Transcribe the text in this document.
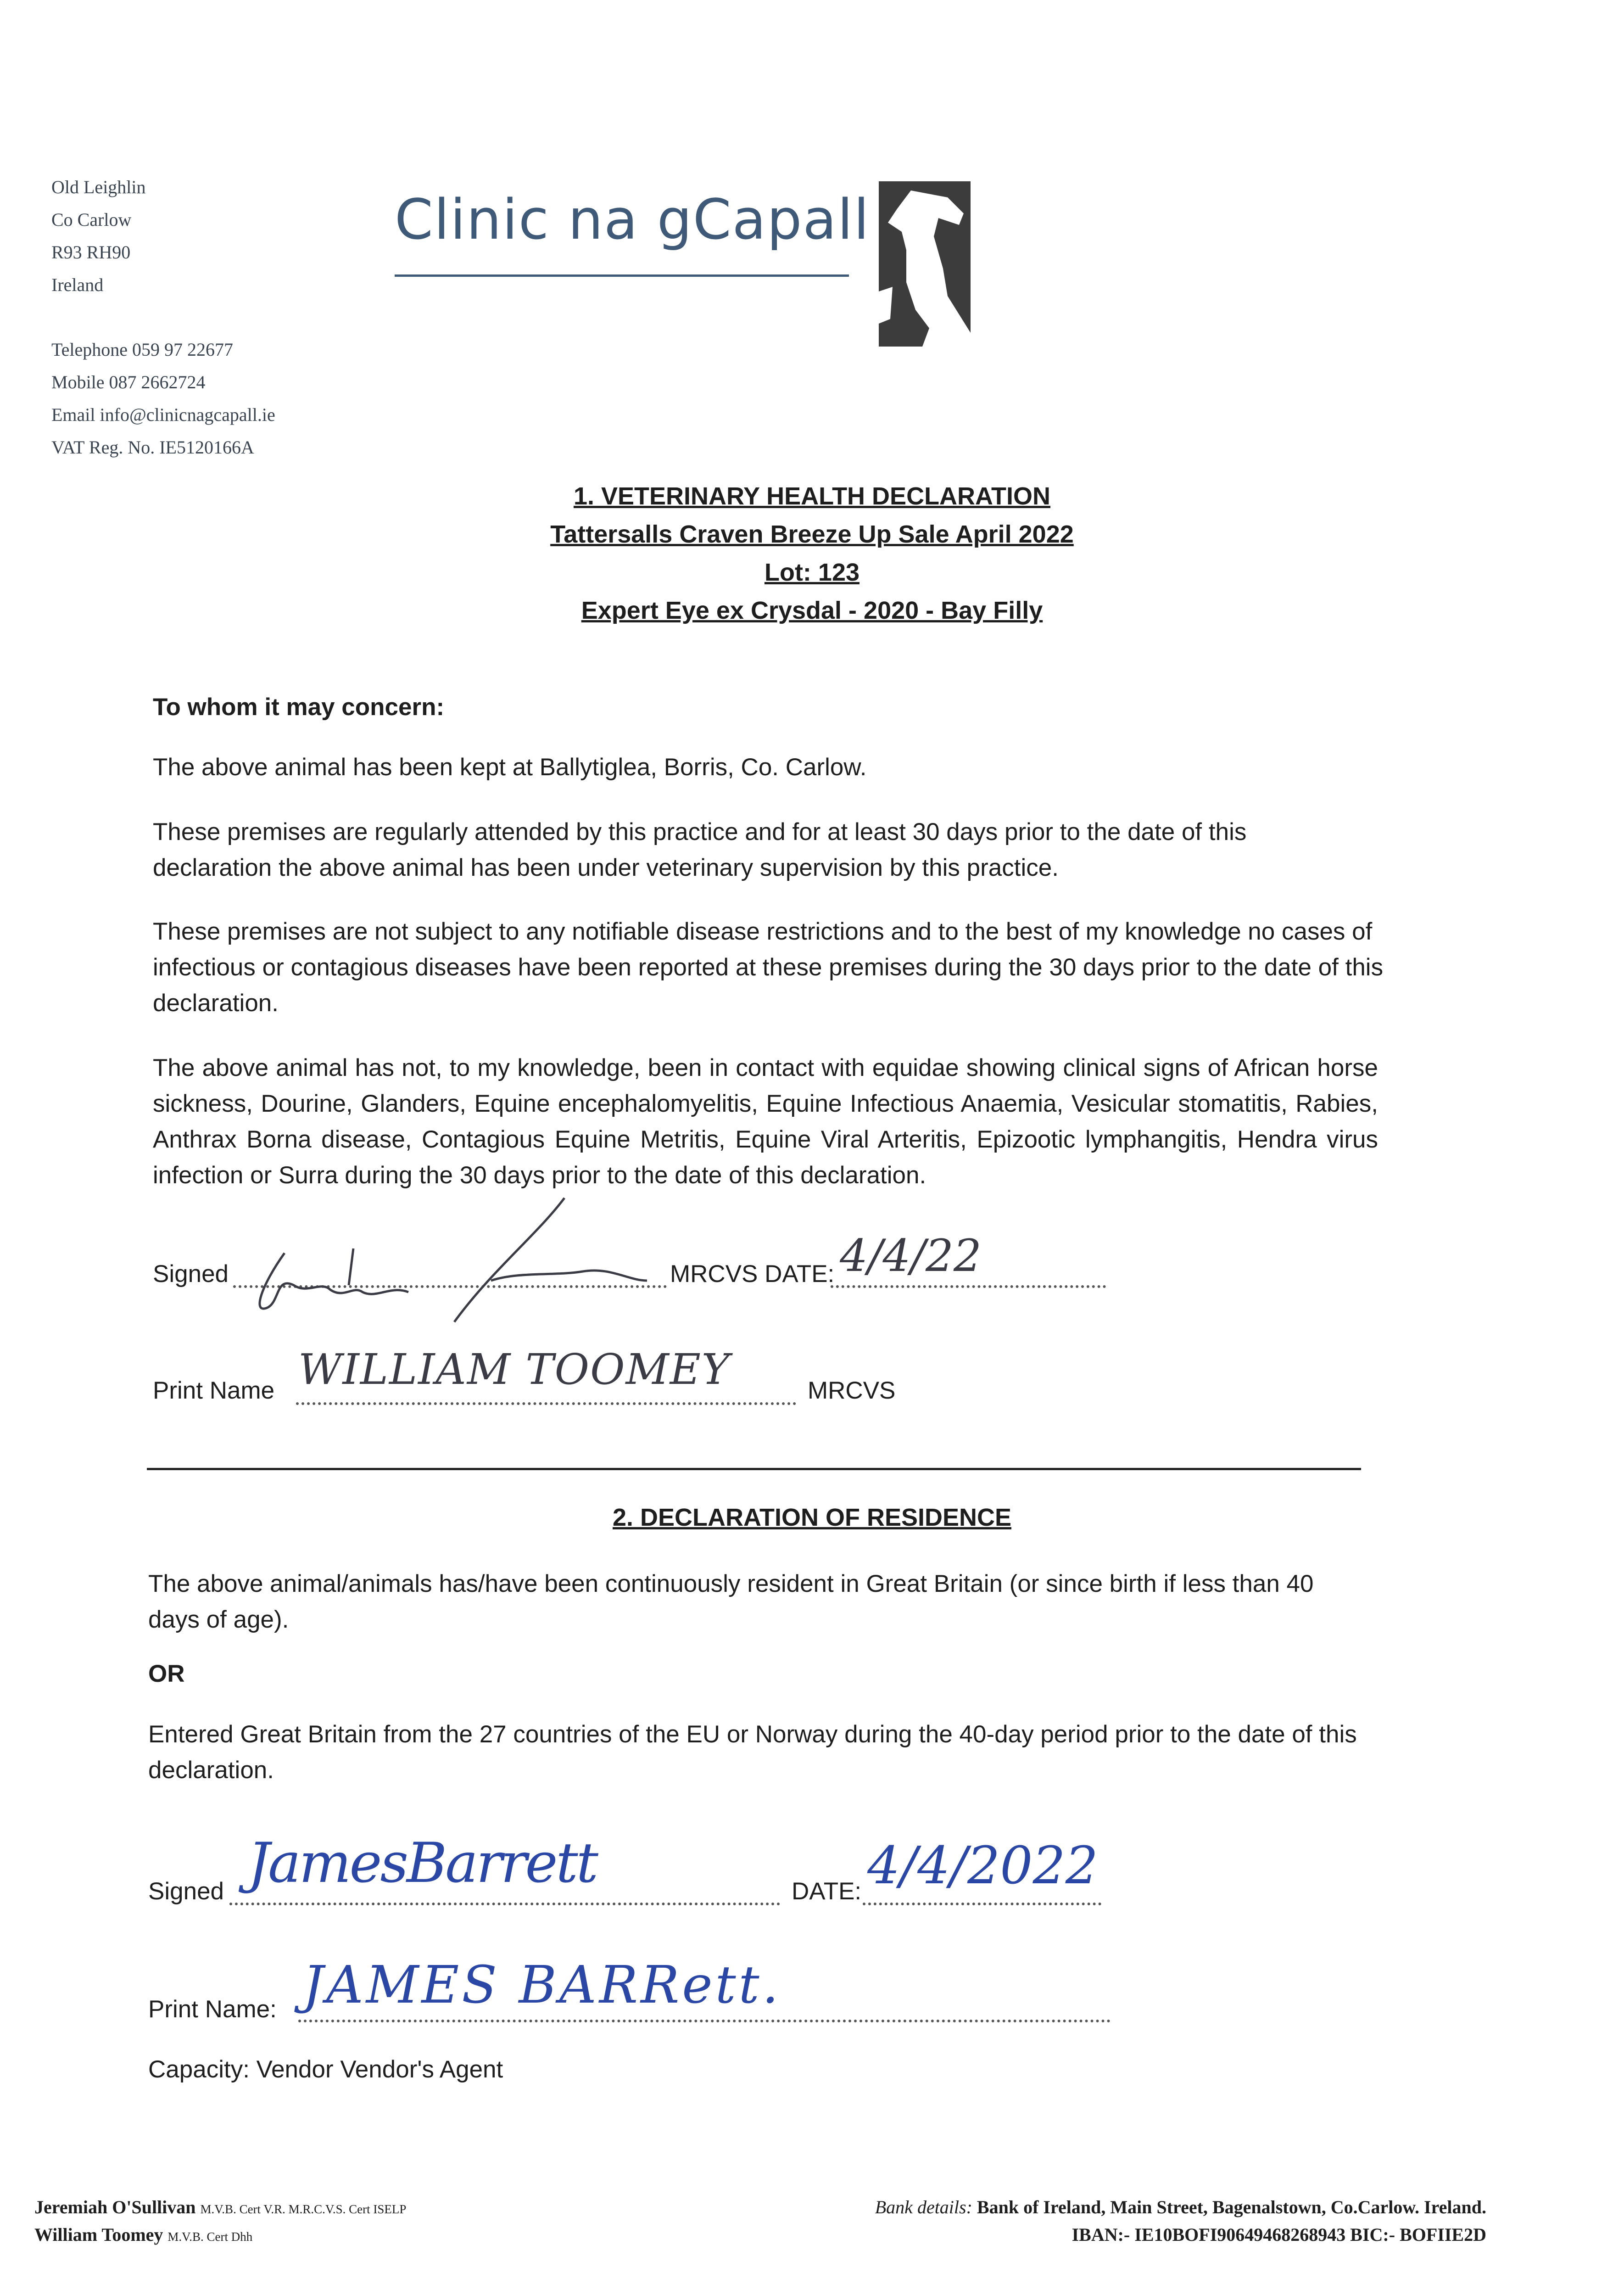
Old Leighlin
Co Carlow
R93 RH90
Ireland
Telephone 059 97 22677
Mobile 087 2662724
Email info@clinicnagcapall.ie
VAT Reg. No. IE5120166A
Clinic na gCapall
1. VETERINARY HEALTH DECLARATION
Tattersalls Craven Breeze Up Sale April 2022
Lot: 123
Expert Eye ex Crysdal - 2020 - Bay Filly
To whom it may concern:
The above animal has been kept at Ballytiglea, Borris, Co. Carlow.
These premises are regularly attended by this practice and for at least 30 days prior to the date of this declaration the above animal has been under veterinary supervision by this practice.
These premises are not subject to any notifiable disease restrictions and to the best of my knowledge no cases of infectious or contagious diseases have been reported at these premises during the 30 days prior to the date of this declaration.
The above animal has not, to my knowledge, been in contact with equidae showing clinical signs of African horse sickness, Dourine, Glanders, Equine encephalomyelitis, Equine Infectious Anaemia, Vesicular stomatitis, Rabies, Anthrax Borna disease, Contagious Equine Metritis, Equine Viral Arteritis, Epizootic lymphangitis, Hendra virus infection or Surra during the 30 days prior to the date of this declaration.
Signed	MRCVS DATE: 4/4/22
Print Name WILLIAM TOOMEY	MRCVS
2. DECLARATION OF RESIDENCE
The above animal/animals has/have been continuously resident in Great Britain (or since birth if less than 40 days of age).
OR
Entered Great Britain from the 27 countries of the EU or Norway during the 40-day period prior to the date of this declaration.
Signed JamesBarrett	DATE: 4/4/2022
Print Name: JAMES BARRett.
Capacity: Vendor Vendor's Agent
Jeremiah O'Sullivan M.V.B. Cert V.R. M.R.C.V.S. Cert ISELP
William Toomey M.V.B. Cert Dhh
Bank details: Bank of Ireland, Main Street, Bagenalstown, Co.Carlow. Ireland.
IBAN:- IE10BOFI90649468268943 BIC:- BOFIIE2D
